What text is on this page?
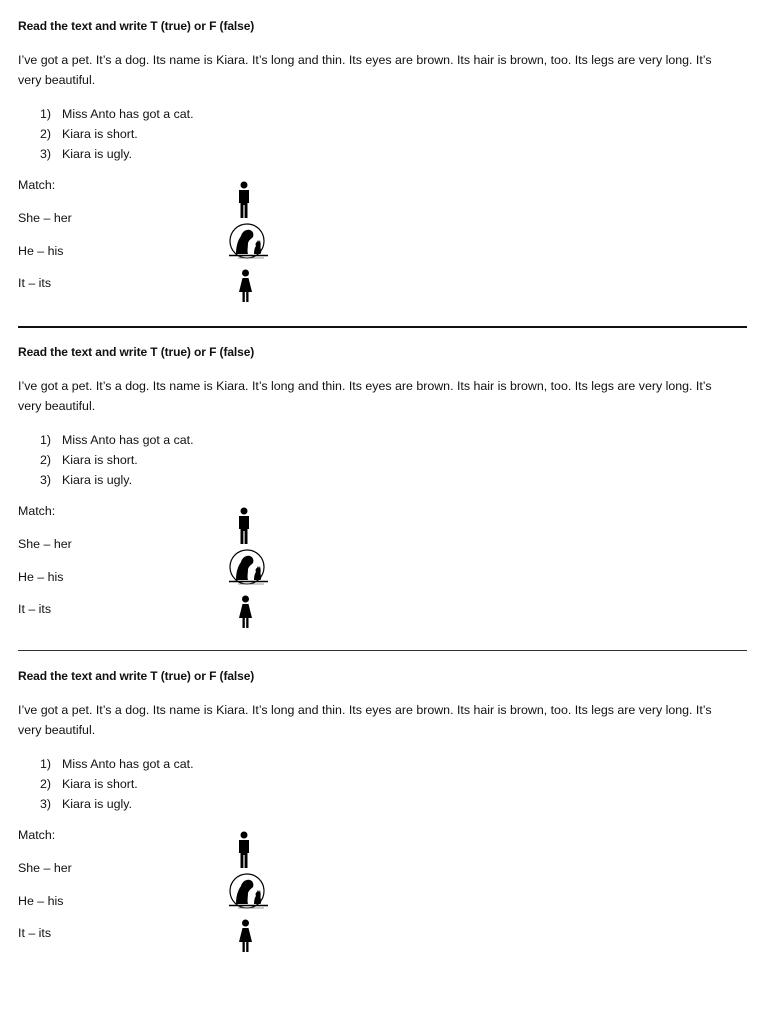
Read the text and write T (true) or F (false)
I’ve got a pet. It’s a dog. Its name is Kiara. It’s long and thin. Its eyes are brown. Its hair is brown, too. Its legs are very long. It’s very beautiful.
1) Miss Anto has got a cat.
2) Kiara is short.
3) Kiara is ugly.
Match:
She – her
He – his
It – its
Read the text and write T (true) or F (false)
I’ve got a pet. It’s a dog. Its name is Kiara. It’s long and thin. Its eyes are brown. Its hair is brown, too. Its legs are very long. It’s very beautiful.
1) Miss Anto has got a cat.
2) Kiara is short.
3) Kiara is ugly.
Match:
She – her
He – his
It – its
Read the text and write T (true) or F (false)
I’ve got a pet. It’s a dog. Its name is Kiara. It’s long and thin. Its eyes are brown. Its hair is brown, too. Its legs are very long. It’s very beautiful.
1) Miss Anto has got a cat.
2) Kiara is short.
3) Kiara is ugly.
Match:
She – her
He – his
It – its
